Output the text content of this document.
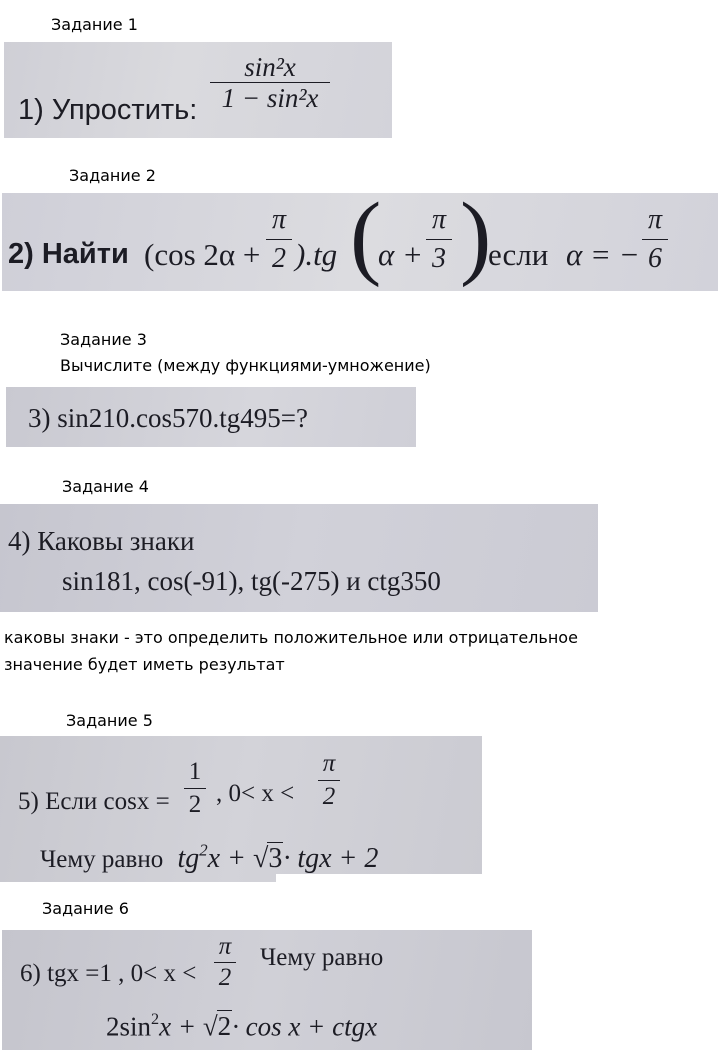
Задание 1
1) Упростить:
sin²x
1 − sin²x
Задание 2
2) Найти (cos 2α +
π
2 ).tg (
α +
π
3 )
если α = −
π
6
Задание 3
Вычислите (между функциями-умножение)
3) sin210.cos570.tg495=?
Задание 4
4) Каковы знаки
sin181, cos(-91), tg(-275) и ctg350
каковы знаки - это определить положительное или отрицательное
значение будет иметь результат
Задание 5
5) Если cosx =
1
2 , 0< x <
π
2
Чему равно $tg^2x + √3\cdot$ tgx + 2
Задание 6
6) tgx =1 , 0< x <
π
2
Чему равно
$2\sin^2x + √2\cdot \cos x$ + ctgx
